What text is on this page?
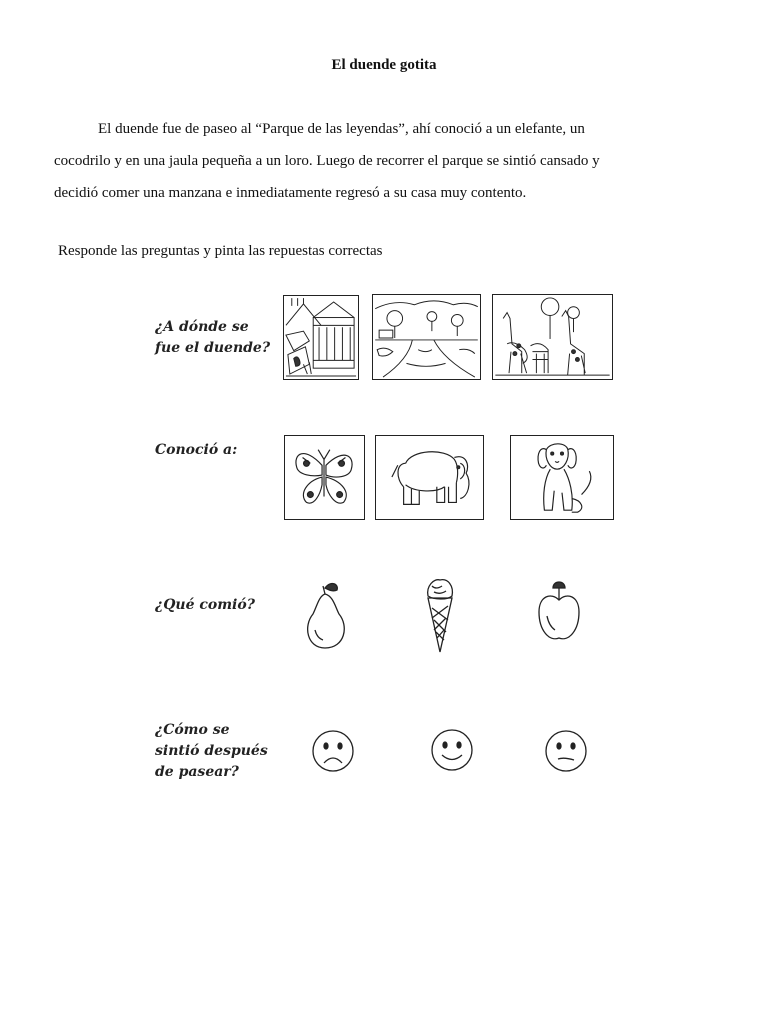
El duende gotita
El duende fue de paseo al “Parque de las leyendas”, ahí conoció a un elefante, un
cocodrilo y en una jaula pequeña a un loro. Luego de recorrer el parque se sintió cansado y
decidió comer una manzana e inmediatamente regresó a su casa muy contento.
Responde las preguntas y pinta las repuestas correctas
¿A dónde se
fue el duende?
Conoció a:
¿Qué comió?
¿Cómo se
sintió después
de pasear?
